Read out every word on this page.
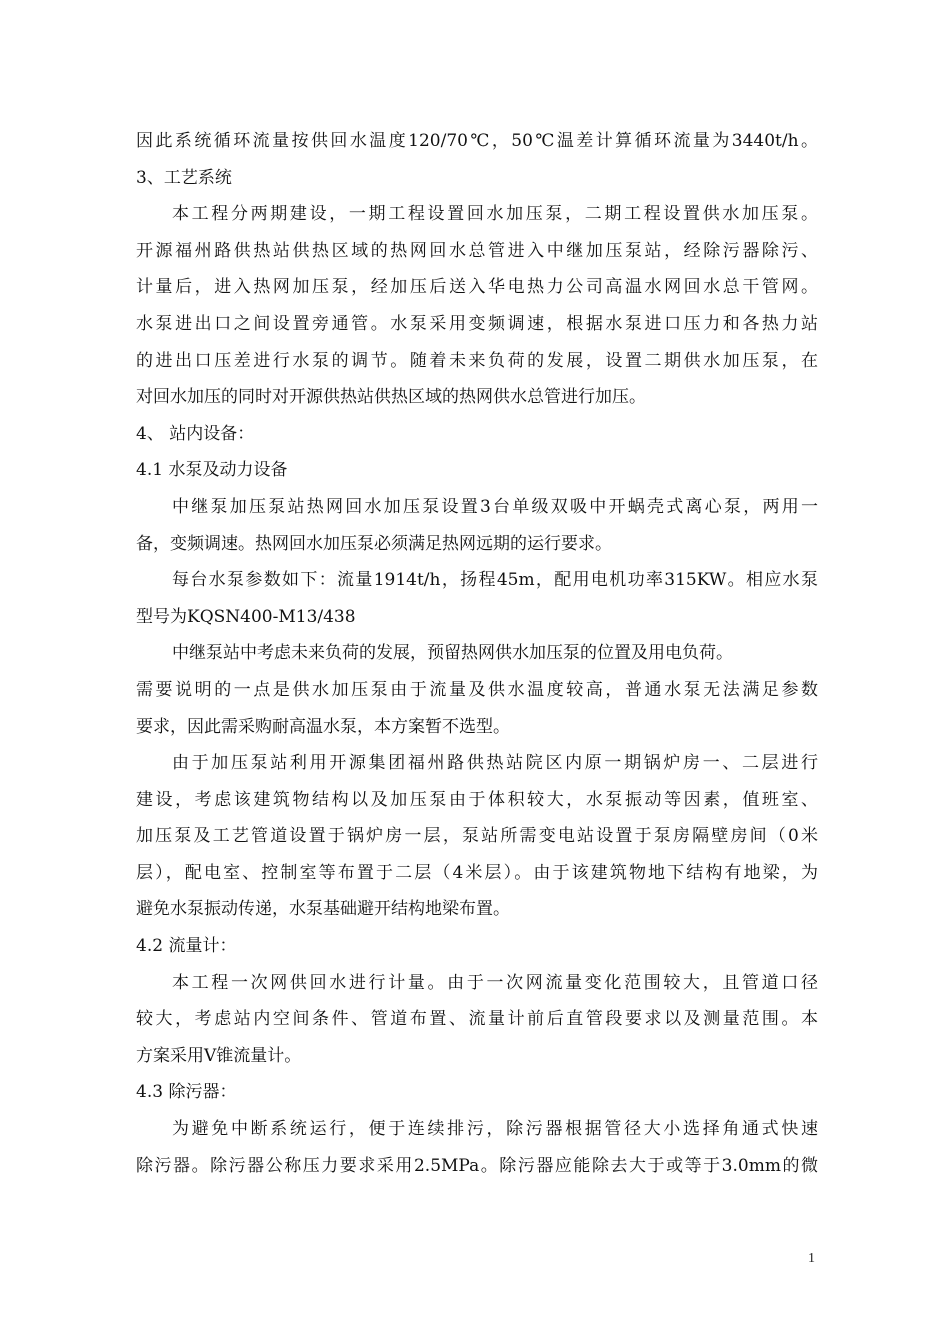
因此系统循环流量按供回水温度120/70℃，50℃温差计算循环流量为3440t/h。
3、工艺系统
本工程分两期建设，一期工程设置回水加压泵，二期工程设置供水加压泵。
开源福州路供热站供热区域的热网回水总管进入中继加压泵站，经除污器除污、
计量后，进入热网加压泵，经加压后送入华电热力公司高温水网回水总干管网。
水泵进出口之间设置旁通管。水泵采用变频调速，根据水泵进口压力和各热力站
的进出口压差进行水泵的调节。随着未来负荷的发展，设置二期供水加压泵，在
对回水加压的同时对开源供热站供热区域的热网供水总管进行加压。
4、 站内设备：
4.1 水泵及动力设备
中继泵加压泵站热网回水加压泵设置3台单级双吸中开蜗壳式离心泵，两用一
备，变频调速。热网回水加压泵必须满足热网远期的运行要求。
每台水泵参数如下：流量1914t/h，扬程45m，配用电机功率315KW。相应水泵
型号为KQSN400-M13/438
中继泵站中考虑未来负荷的发展，预留热网供水加压泵的位置及用电负荷。
需要说明的一点是供水加压泵由于流量及供水温度较高，普通水泵无法满足参数
要求，因此需采购耐高温水泵，本方案暂不选型。
由于加压泵站利用开源集团福州路供热站院区内原一期锅炉房一、二层进行
建设，考虑该建筑物结构以及加压泵由于体积较大，水泵振动等因素，值班室、
加压泵及工艺管道设置于锅炉房一层，泵站所需变电站设置于泵房隔壁房间（0米
层），配电室、控制室等布置于二层（4米层）。由于该建筑物地下结构有地梁，为
避免水泵振动传递，水泵基础避开结构地梁布置。
4.2 流量计：
本工程一次网供回水进行计量。由于一次网流量变化范围较大，且管道口径
较大，考虑站内空间条件、管道布置、流量计前后直管段要求以及测量范围。本
方案采用V锥流量计。
4.3 除污器：
为避免中断系统运行，便于连续排污，除污器根据管径大小选择角通式快速
除污器。除污器公称压力要求采用2.5MPa。除污器应能除去大于或等于3.0mm的微
1
